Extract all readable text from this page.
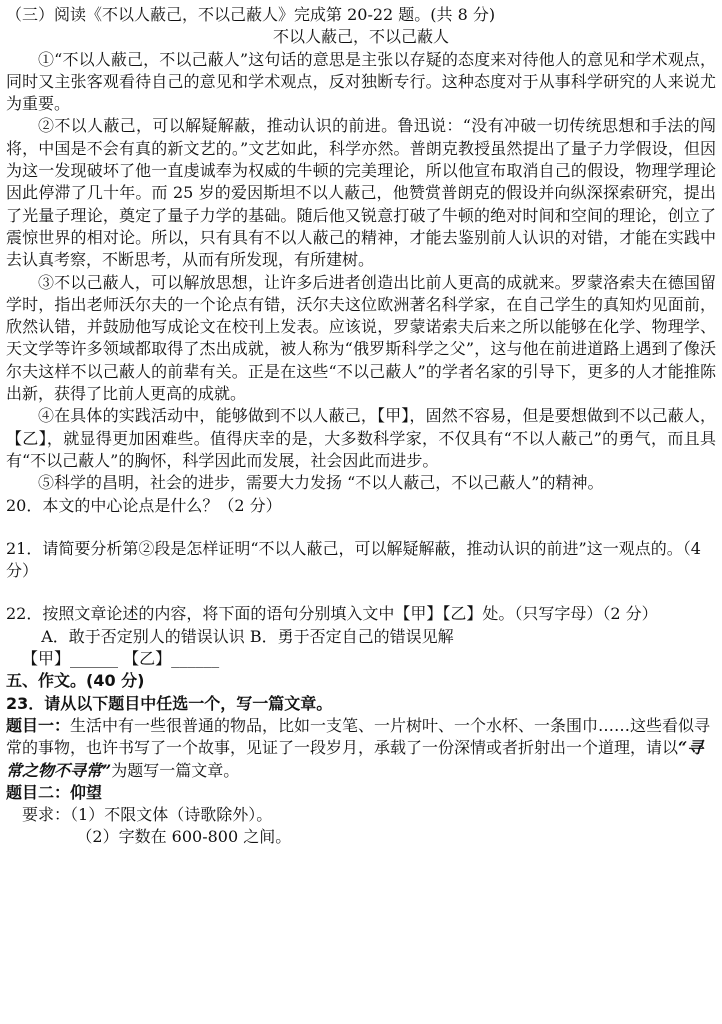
（三）阅读《不以人蔽己，不以己蔽人》完成第 20-22 题。(共 8 分)
不以人蔽己，不以己蔽人

①“不以人蔽己，不以己蔽人”这句话的意思是主张以存疑的态度来对待他人的意见和学术观点，同时又主张客观看待自己的意见和学术观点，反对独断专行。这种态度对于从事科学研究的人来说尤为重要。

②不以人蔽己，可以解疑解蔽，推动认识的前进。鲁迅说：“没有冲破一切传统思想和手法的闯将，中国是不会有真的新文艺的。”文艺如此，科学亦然。普朗克教授虽然提出了量子力学假设，但因为这一发现破坏了他一直虔诚奉为权威的牛顿的完美理论，所以他宣布取消自己的假设，物理学理论因此停滞了几十年。而 25 岁的爱因斯坦不以人蔽己，他赞赏普朗克的假设并向纵深探索研究，提出了光量子理论，奠定了量子力学的基础。随后他又锐意打破了牛顿的绝对时间和空间的理论，创立了震惊世界的相对论。所以，只有具有不以人蔽己的精神，才能去鉴别前人认识的对错，才能在实践中去认真考察，不断思考，从而有所发现，有所建树。

③不以己蔽人，可以解放思想，让许多后进者创造出比前人更高的成就来。罗蒙洛索夫在德国留学时，指出老师沃尔夫的一个论点有错，沃尔夫这位欧洲著名科学家，在自己学生的真知灼见面前，欣然认错，并鼓励他写成论文在校刊上发表。应该说，罗蒙诺索夫后来之所以能够在化学、物理学、天文学等许多领域都取得了杰出成就，被人称为“俄罗斯科学之父”，这与他在前进道路上遇到了像沃尔夫这样不以己蔽人的前辈有关。正是在这些“不以己蔽人”的学者名家的引导下，更多的人才能推陈出新，获得了比前人更高的成就。

④在具体的实践活动中，能够做到不以人蔽己，【甲】，固然不容易，但是要想做到不以己蔽人，【乙】，就显得更加困难些。值得庆幸的是，大多数科学家，不仅具有“不以人蔽己”的勇气，而且具有“不以己蔽人”的胸怀，科学因此而发展，社会因此而进步。

⑤科学的昌明，社会的进步，需要大力发扬 “不以人蔽己，不以己蔽人”的精神。

20．本文的中心论点是什么？（2 分）

21．请简要分析第②段是怎样证明“不以人蔽己，可以解疑解蔽，推动认识的前进”这一观点的。（4 分）

22．按照文章论述的内容，将下面的语句分别填入文中【甲】【乙】处。（只写字母）（2 分）

A．敢于否定别人的错误认识 B．勇于否定自己的错误见解
【甲】______ 【乙】______
五、作文。(40 分)
23．请从以下题目中任选一个，写一篇文章。

题目一：生活中有一些很普通的物品，比如一支笔、一片树叶、一个水杯、一条围巾……这些看似寻常的事物，也许书写了一个故事，见证了一段岁月，承载了一份深情或者折射出一个道理，请以“寻常之物不寻常”为题写一篇文章。

题目二：仰望
要求：（1）不限文体（诗歌除外）。
（2）字数在 600-800 之间。
